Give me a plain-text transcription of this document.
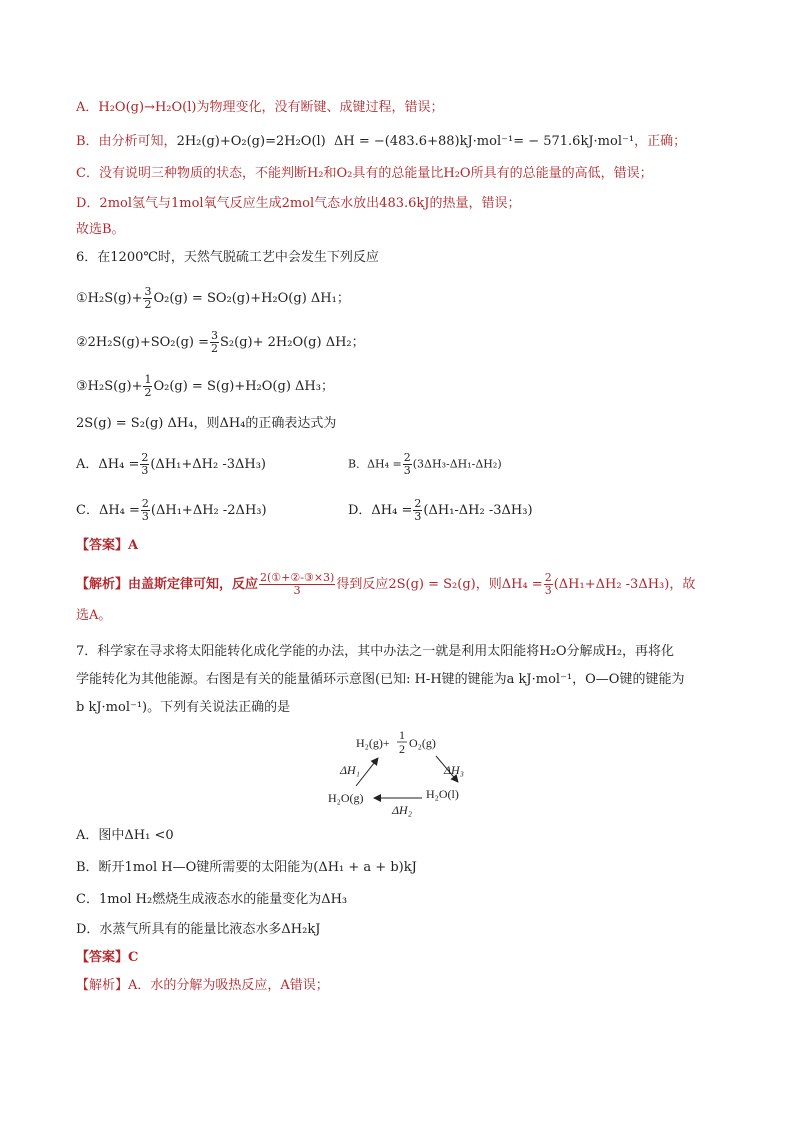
A．H₂O(g)→H₂O(l)为物理变化，没有断键、成键过程，错误；
B．由分析可知，2H₂(g)+O₂(g)=2H₂O(l) ΔH = −(483.6+88)kJ·mol⁻¹= − 571.6kJ·mol⁻¹，正确；
C．没有说明三种物质的状态，不能判断H₂和O₂具有的总能量比H₂O所具有的总能量的高低，错误；
D．2mol氢气与1mol氧气反应生成2mol气态水放出483.6kJ的热量，错误；
故选B。
6．在1200℃时，天然气脱硫工艺中会发生下列反应
①H₂S(g)+ $\frac{3}{2} O_2(g) = SO_2(g)+H_2O(g)$ ΔH₁；
②2H₂S(g)+SO₂(g) = $\frac{3}{2} S_2(g)+ 2H_2O(g)$ ΔH₂；
③H₂S(g)+ $\frac{1}{2} O_2(g) = S(g)+H_2O(g)$ ΔH₃；
2S(g) = S₂(g) ΔH₄，则ΔH₄的正确表达式为
A．$\Delta H_4 = \frac{2}{3} (\Delta H_1+\Delta H_2$ -3ΔH₃)	B．$\Delta H_4 = \frac{2}{3} (3\Delta H_3-\Delta H_1-\Delta H_2)$
C．$\Delta H_4 = \frac{2}{3} (\Delta H_1+\Delta H_2$ -2ΔH₃)	D．$\Delta H_4 = \frac{2}{3} (\Delta H_1-\Delta H_2$ -3ΔH₃)
【答案】A
【解析】由盖斯定律可知，反应 $\frac{\text{2(①+②-③×3)}}{3}$ 得到反应2S(g) = S₂(g)，则$\Delta H_4 = \frac{2}{3} (\Delta H_1+\Delta H_2$ -3ΔH₃)，故
选A。
7．科学家在寻求将太阳能转化成化学能的办法，其中办法之一就是利用太阳能将H₂O分解成H₂，再将化
学能转化为其他能源。右图是有关的能量循环示意图(已知: H-H键的键能为a kJ·mol⁻¹，O—O键的键能为
b kJ·mol⁻¹)。下列有关说法正确的是
H₂(g)+
1
2 O₂(g)
ΔH₁	ΔH₃
ΔH₂
H₂O(g)	H₂O(l)
A．图中ΔH₁ <0
B．断开1mol H—O键所需要的太阳能为(ΔH₁ + a + b)kJ
C．1mol H₂燃烧生成液态水的能量变化为ΔH₃
D．水蒸气所具有的能量比液态水多ΔH₂kJ
【答案】C
【解析】A．水的分解为吸热反应，A错误；
